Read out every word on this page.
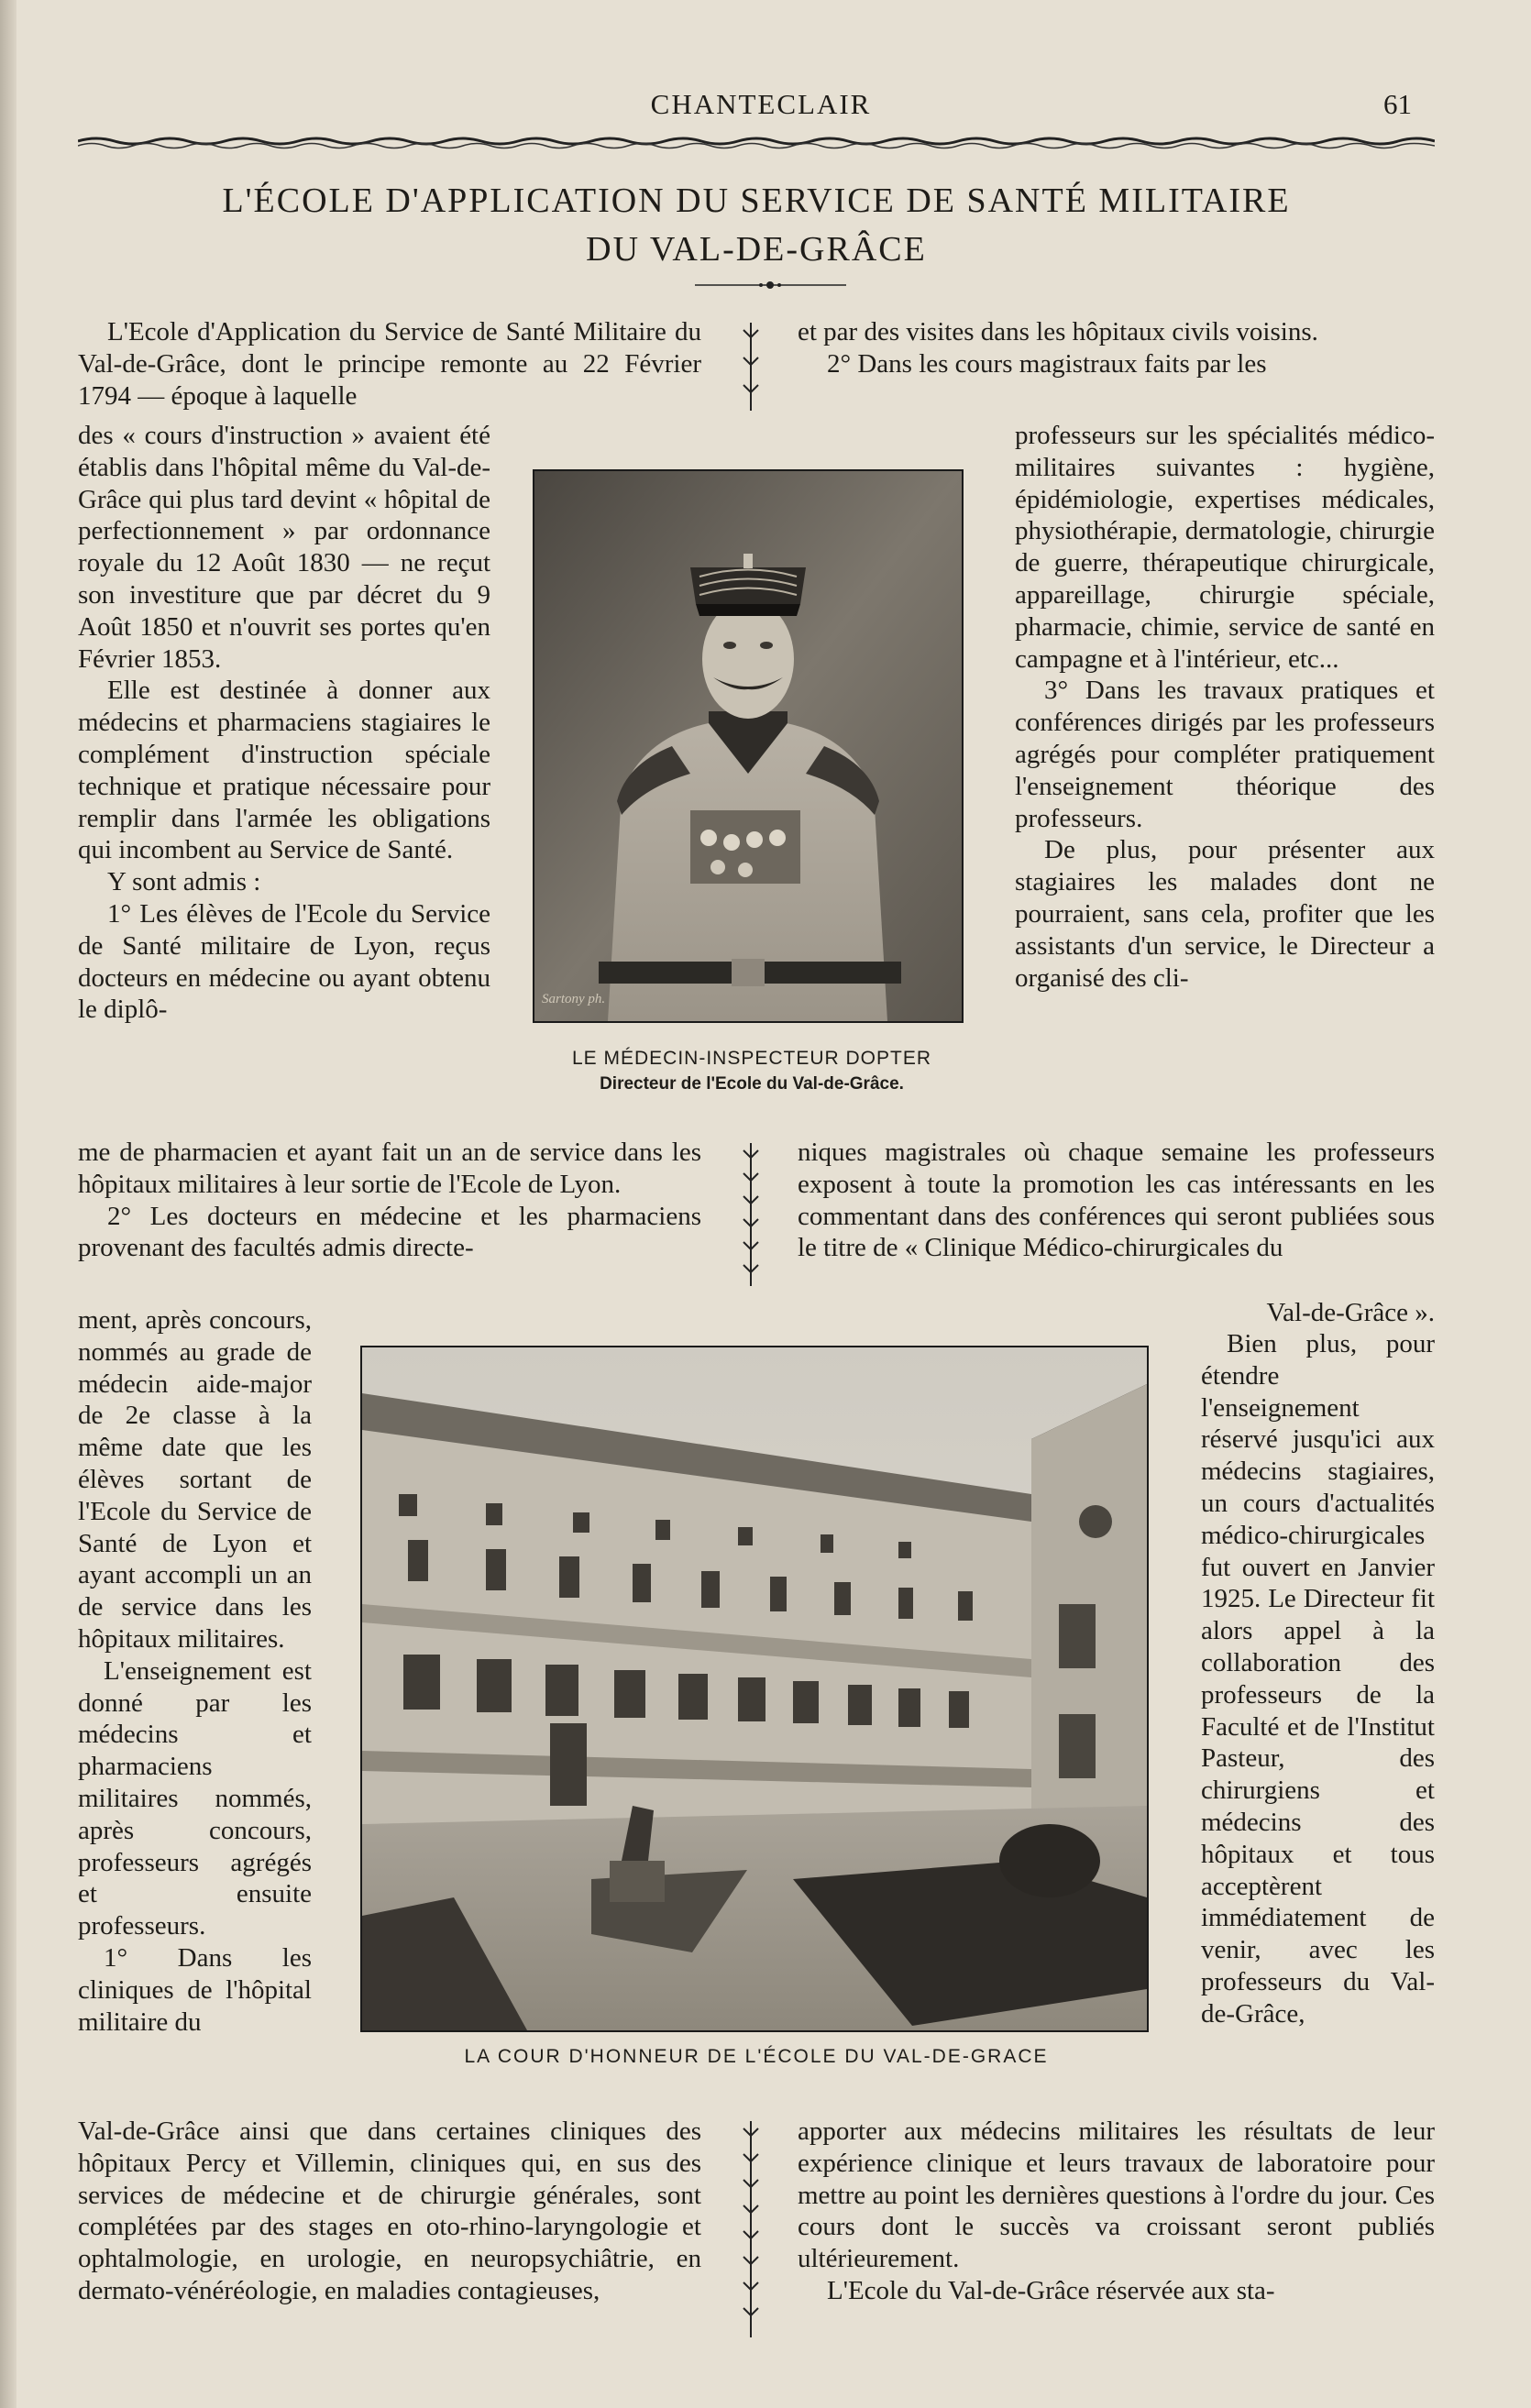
CHANTECLAIR	61
L'ÉCOLE D'APPLICATION DU SERVICE DE SANTÉ MILITAIRE
DU VAL-DE-GRÂCE

L'Ecole d'Application du Service de Santé Militaire du Val-de-Grâce, dont le principe remonte au 22 Février 1794 — époque à laquelle

des « cours d'instruction » avaient été établis dans l'hôpital même du Val-de-Grâce qui plus tard devint « hôpital de perfectionnement » par ordonnance royale du 12 Août 1830 — ne reçut son investiture que par décret du 9 Août 1850 et n'ouvrit ses portes qu'en Février 1853.

Elle est destinée à donner aux médecins et pharmaciens stagiaires le complément d'instruction spéciale technique et pratique nécessaire pour remplir dans l'armée les obligations qui incombent au Service de Santé.

Y sont admis :

1° Les élèves de l'Ecole du Service de Santé militaire de Lyon, reçus docteurs en médecine ou ayant obtenu le diplô-	Sartony ph.
LE MÉDECIN-INSPECTEUR DOPTER
Directeur de l'Ecole du Val-de-Grâce.

me de pharmacien et ayant fait un an de service dans les hôpitaux militaires à leur sortie de l'Ecole de Lyon.

2° Les docteurs en médecine et les pharmaciens provenant des facultés admis directe-

ment, après concours, nommés au grade de médecin aide-major de 2e classe à la même date que les élèves sortant de l'Ecole du Service de Santé de Lyon et ayant accompli un an de service dans les hôpitaux militaires.

L'enseignement est donné par les médecins et pharmaciens militaires nommés, après concours, professeurs agrégés et ensuite professeurs.

1° Dans les cliniques de l'hôpital militaire du

LA COUR D'HONNEUR DE L'ÉCOLE DU VAL-DE-GRACE

Val-de-Grâce ainsi que dans certaines cliniques des hôpitaux Percy et Villemin, cliniques qui, en sus des services de médecine et de chirurgie générales, sont complétées par des stages en oto-rhino-laryngologie et ophtalmologie, en urologie, en neuropsychiâtrie, en dermato-vénéréologie, en maladies contagieuses,

et par des visites dans les hôpitaux civils voisins.

2° Dans les cours magistraux faits par les

professeurs sur les spécialités médico-militaires suivantes : hygiène, épidémiologie, expertises médicales, physiothérapie, dermatologie, chirurgie de guerre, thérapeutique chirurgicale, appareillage, chirurgie spéciale, pharmacie, chimie, service de santé en campagne et à l'intérieur, etc...

3° Dans les travaux pratiques et conférences dirigés par les professeurs agrégés pour compléter pratiquement l'enseignement théorique des professeurs.

De plus, pour présenter aux stagiaires les malades dont ne pourraient, sans cela, profiter que les assistants d'un service, le Directeur a organisé des cli-

niques magistrales où chaque semaine les professeurs exposent à toute la promotion les cas intéressants en les commentant dans des conférences qui seront publiées sous le titre de « Clinique Médico-chirurgicales du

Val-de-Grâce ».

Bien plus, pour étendre l'enseignement réservé jusqu'ici aux médecins stagiaires, un cours d'actualités médico-chirurgicales fut ouvert en Janvier 1925. Le Directeur fit alors appel à la collaboration des professeurs de la Faculté et de l'Institut Pasteur, des chirurgiens et médecins des hôpitaux et tous acceptèrent immédiatement de venir, avec les professeurs du Val-de-Grâce,

apporter aux médecins militaires les résultats de leur expérience clinique et leurs travaux de laboratoire pour mettre au point les dernières questions à l'ordre du jour. Ces cours dont le succès va croissant seront publiés ultérieurement.

L'Ecole du Val-de-Grâce réservée aux sta-
